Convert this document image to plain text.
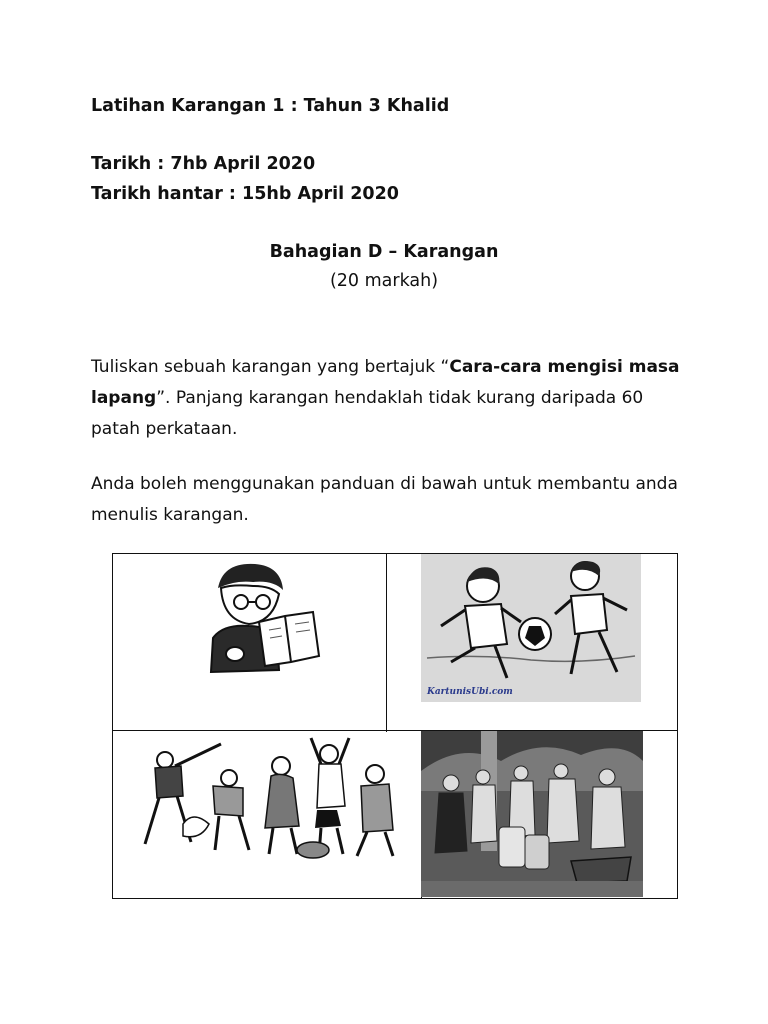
Latihan Karangan 1 : Tahun 3 Khalid
Tarikh : 7hb April 2020
Tarikh hantar : 15hb April 2020
Bahagian D – Karangan
(20 markah)
Tuliskan sebuah karangan yang bertajuk “Cara-cara mengisi masa lapang”. Panjang karangan hendaklah tidak kurang daripada 60 patah perkataan.
Anda boleh menggunakan panduan di bawah untuk membantu anda menulis karangan.
KartunisUbi.com
